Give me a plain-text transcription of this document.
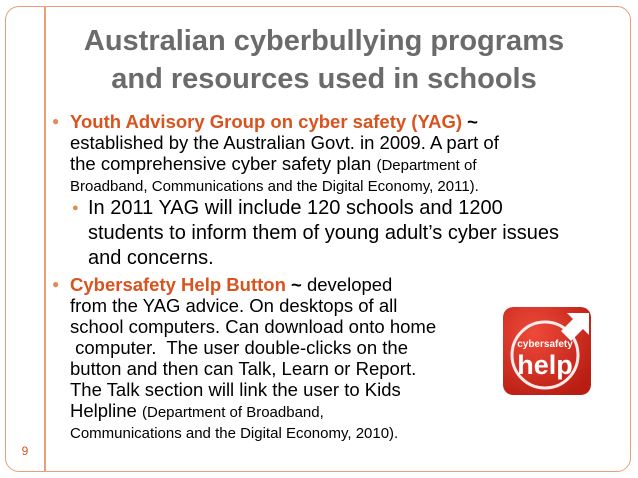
Australian cyberbullying programs
and resources used in schools
● Youth Advisory Group on cyber safety (YAG) ~
established by the Australian Govt. in 2009. A part of
the comprehensive cyber safety plan (Department of
Broadband, Communications and the Digital Economy, 2011).
● In 2011 YAG will include 120 schools and 1200
students to inform them of young adult’s cyber issues
and concerns.
● Cybersafety Help Button ~ developed
from the YAG advice. On desktops of all
school computers. Can download onto home
computer.  The user double-clicks on the
button and then can Talk, Learn or Report.
The Talk section will link the user to Kids
Helpline (Department of Broadband,
Communications and the Digital Economy, 2010).
cybersafety
help
9
